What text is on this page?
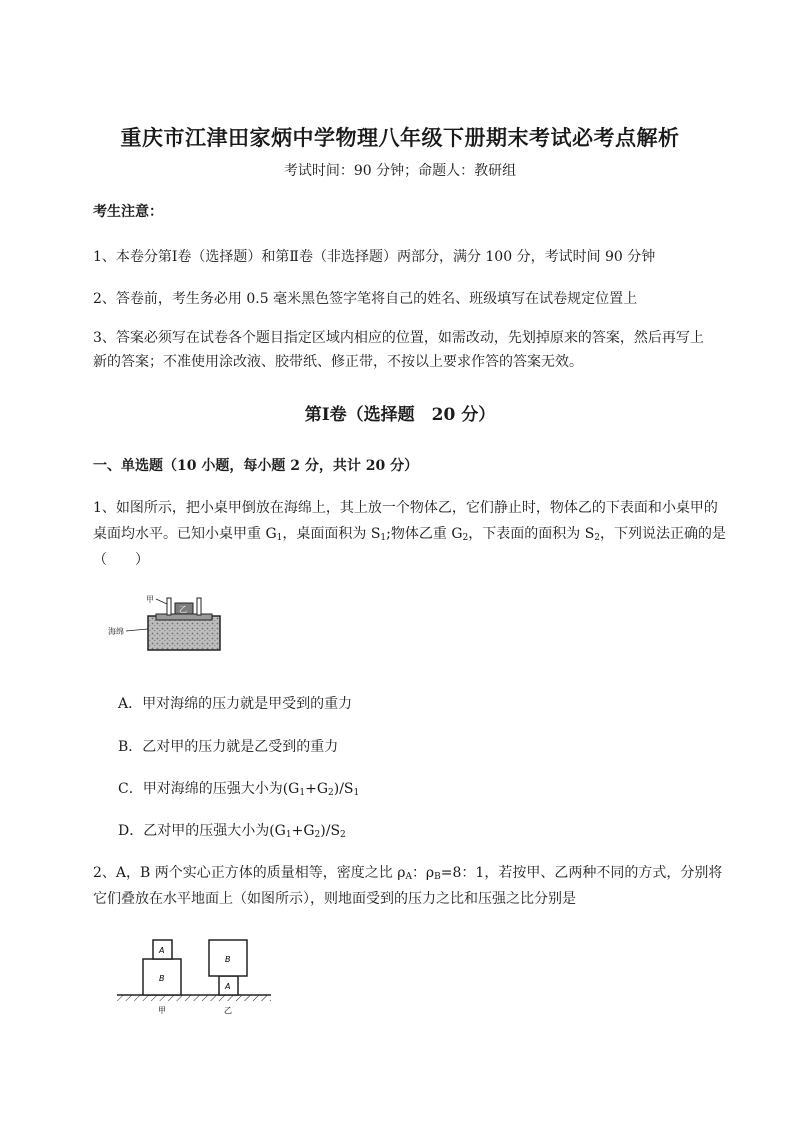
重庆市江津田家炳中学物理八年级下册期末考试必考点解析
考试时间：90 分钟；命题人：教研组
考生注意：
1、本卷分第Ⅰ卷（选择题）和第Ⅱ卷（非选择题）两部分，满分 100 分，考试时间 90 分钟
2、答卷前，考生务必用 0.5 毫米黑色签字笔将自己的姓名、班级填写在试卷规定位置上
3、答案必须写在试卷各个题目指定区域内相应的位置，如需改动，先划掉原来的答案，然后再写上新的答案；不准使用涂改液、胶带纸、修正带，不按以上要求作答的答案无效。
第Ⅰ卷（选择题　20 分）
一、单选题（10 小题，每小题 2 分，共计 20 分）
1、如图所示，把小桌甲倒放在海绵上，其上放一个物体乙，它们静止时，物体乙的下表面和小桌甲的
桌面均水平。已知小桌甲重 $G_1$，桌面面积为 $S_1$;物体乙重 $G_2$，下表面的面积为 $S_2$，下列说法正确的是
（　　）
乙
甲
海绵
A．甲对海绵的压力就是甲受到的重力
B．乙对甲的压力就是乙受到的重力
C．甲对海绵的压强大小为$(G_1+G_2)/S_1$
D．乙对甲的压强大小为$(G_1+G_2)/S_2$
2、A，B 两个实心正方体的质量相等，密度之比 $\rho_A$：$\rho_B=8$：1，若按甲、乙两种不同的方式，分别将
它们叠放在水平地面上（如图所示），则地面受到的压力之比和压强之比分别是
B
A
A
B
甲	乙
